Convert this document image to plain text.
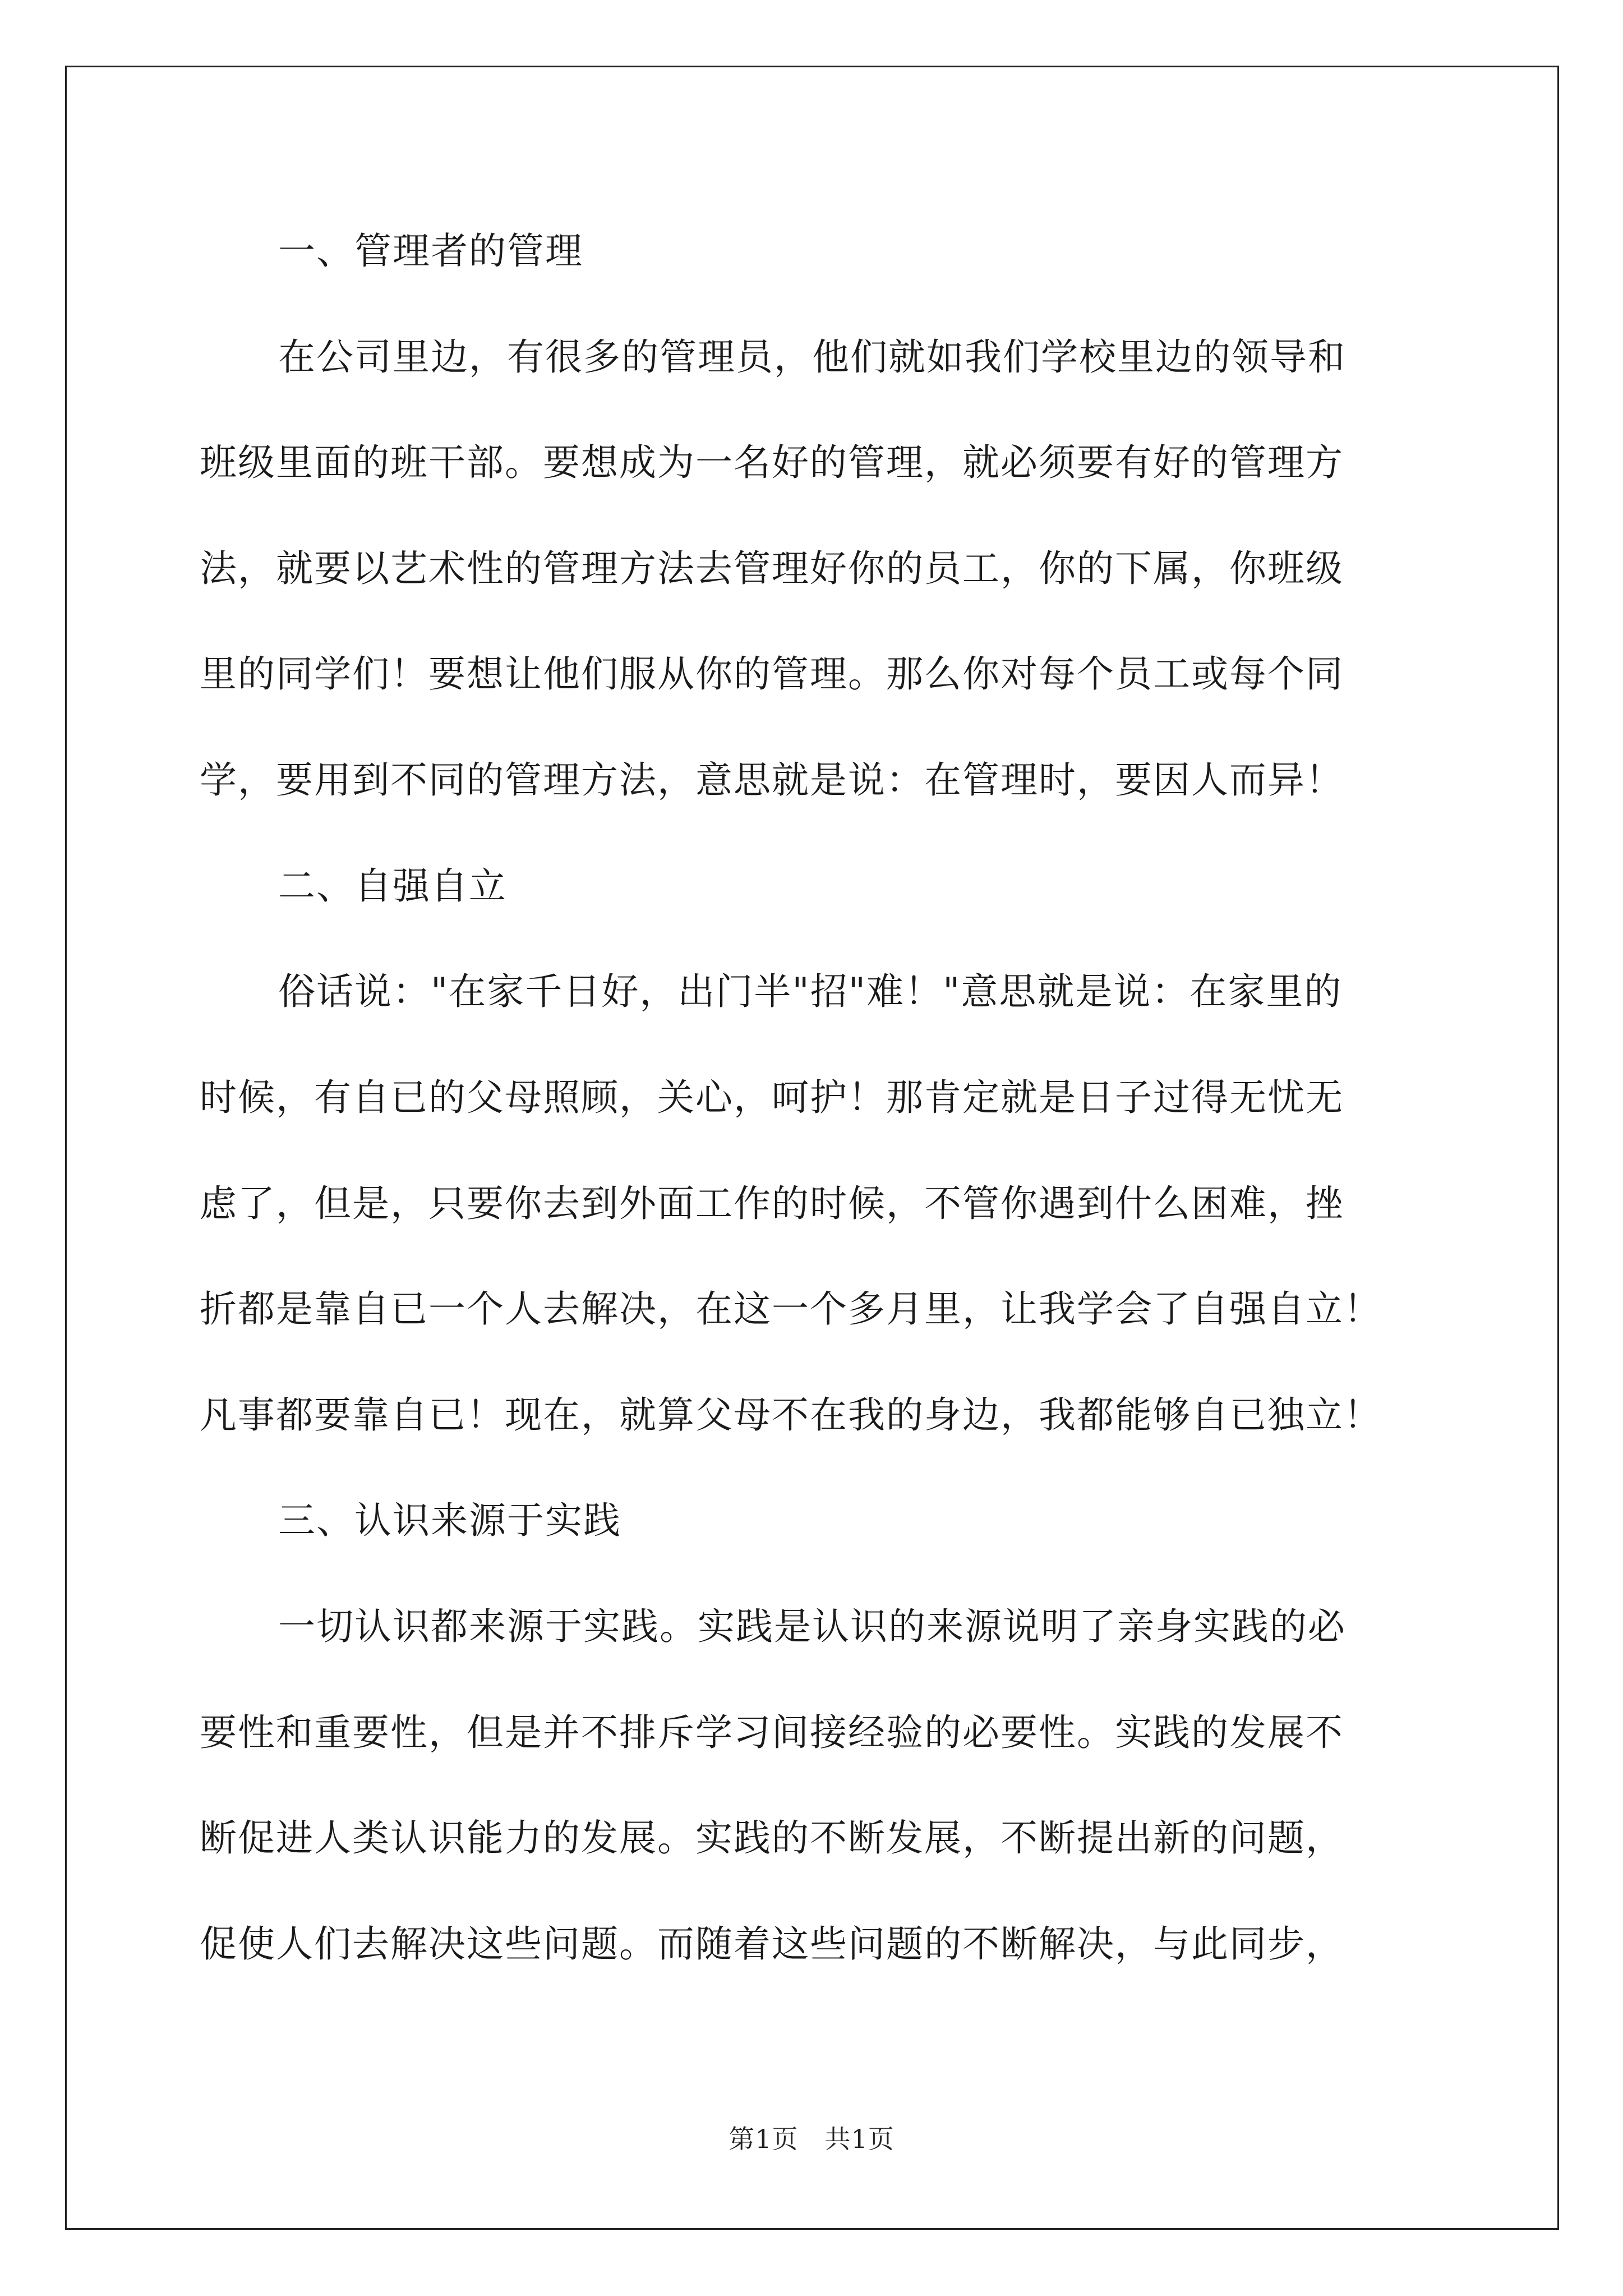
一、管理者的管理
在公司里边，有很多的管理员，他们就如我们学校里边的领导和
班级里面的班干部。要想成为一名好的管理，就必须要有好的管理方
法，就要以艺术性的管理方法去管理好你的员工，你的下属，你班级
里的同学们！要想让他们服从你的管理。那么你对每个员工或每个同
学，要用到不同的管理方法，意思就是说：在管理时，要因人而异！
二、自强自立
俗话说："在家千日好，出门半"招"难！"意思就是说：在家里的
时候，有自已的父母照顾，关心，呵护！那肯定就是日子过得无忧无
虑了，但是，只要你去到外面工作的时候，不管你遇到什么困难，挫
折都是靠自已一个人去解决，在这一个多月里，让我学会了自强自立！
凡事都要靠自已！现在，就算父母不在我的身边，我都能够自已独立！
三、认识来源于实践
一切认识都来源于实践。实践是认识的来源说明了亲身实践的必
要性和重要性，但是并不排斥学习间接经验的必要性。实践的发展不
断促进人类认识能力的发展。实践的不断发展，不断提出新的问题，
促使人们去解决这些问题。而随着这些问题的不断解决，与此同步，
第1页　共1页
